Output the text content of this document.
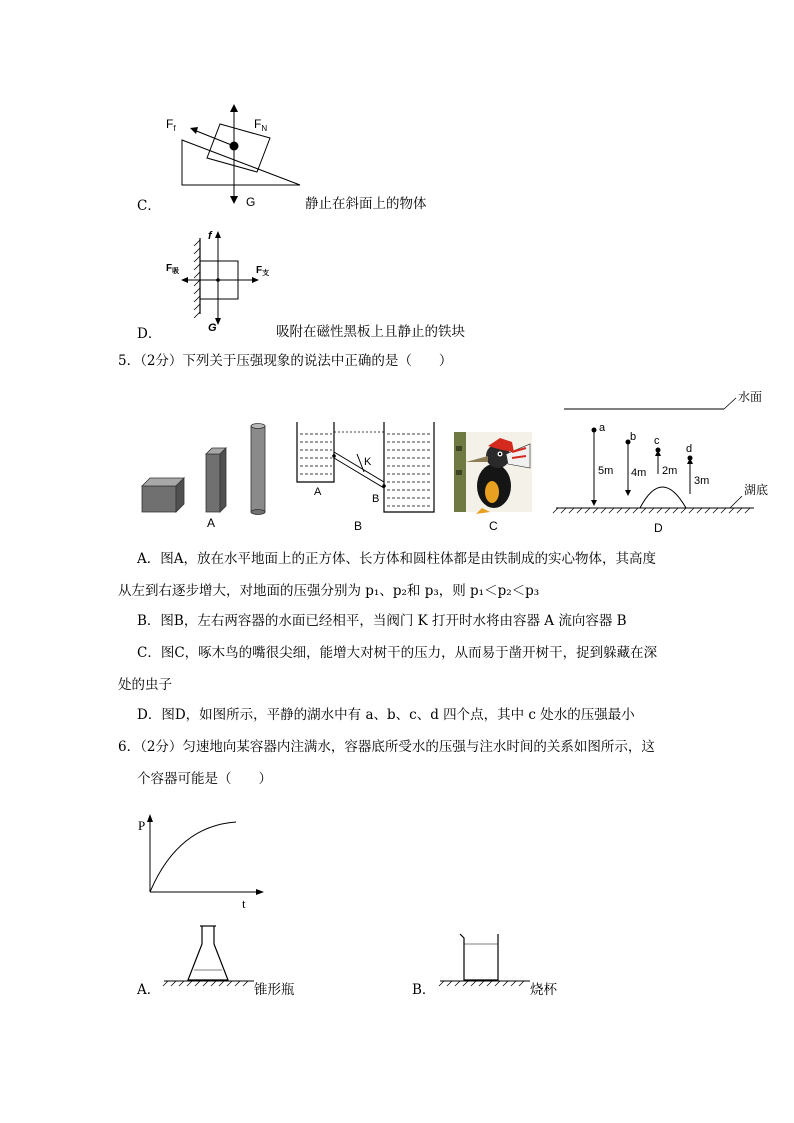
$F_f$	$F_N$
G
C．	静止在斜面上的物体
f
$F_吸$	$F_支$
G
D．	吸附在磁性黑板上且静止的铁块
5．（2分）下列关于压强现象的说法中正确的是（　　）
A
K
A
B
B	C
水面
湖底
a
b c
d
5m 4m 2m
3m
D
A．图A，放在水平地面上的正方体、长方体和圆柱体都是由铁制成的实心物体，其高度
从左到右逐步增大，对地面的压强分别为 p₁、p₂和 p₃，则 p₁＜p₂＜p₃
B．图B，左右两容器的水面已经相平，当阀门 K 打开时水将由容器 A 流向容器 B
C．图C，啄木鸟的嘴很尖细，能增大对树干的压力，从而易于凿开树干，捉到躲藏在深
处的虫子
D．图D，如图所示，平静的湖水中有 a、b、c、d 四个点，其中 c 处水的压强最小
6．（2分）匀速地向某容器内注满水，容器底所受水的压强与注水时间的关系如图所示，这
个容器可能是（　　）
P
t
A．	锥形瓶	B．	烧杯
